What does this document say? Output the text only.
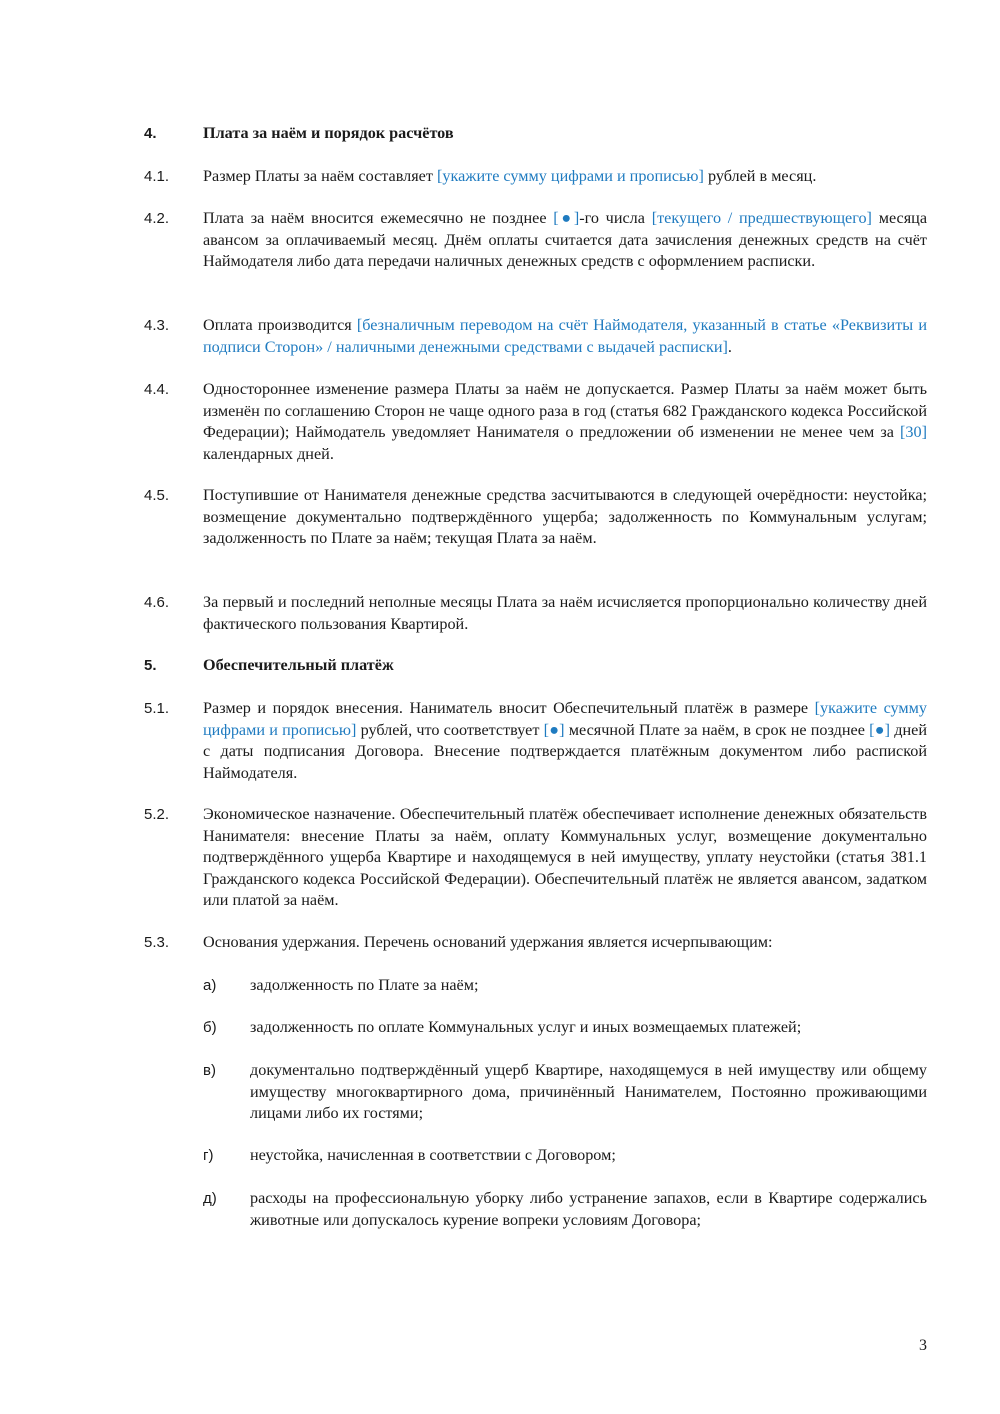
4.	Плата за наём и порядок расчётов
4.1. Размер Платы за наём составляет [укажите сумму цифрами и прописью] рублей в месяц.
4.2. Плата за наём вносится ежемесячно не позднее [●]-го числа [текущего / предшествующего] месяца авансом за оплачиваемый месяц. Днём оплаты считается дата зачисления денежных средств на счёт Наймодателя либо дата передачи наличных денежных средств с оформлением расписки.
4.3. Оплата производится [безналичным переводом на счёт Наймодателя, указанный в статье «Реквизиты и подписи Сторон» / наличными денежными средствами с выдачей расписки].
4.4. Одностороннее изменение размера Платы за наём не допускается. Размер Платы за наём может быть изменён по соглашению Сторон не чаще одного раза в год (статья 682 Гражданского кодекса Российской Федерации); Наймодатель уведомляет Нанимателя о предложении об изменении не менее чем за [30] календарных дней.
4.5. Поступившие от Нанимателя денежные средства засчитываются в следующей очерёдности: неустойка; возмещение документально подтверждённого ущерба; задолженность по Коммунальным услугам; задолженность по Плате за наём; текущая Плата за наём.
4.6. За первый и последний неполные месяцы Плата за наём исчисляется пропорционально количеству дней фактического пользования Квартирой.
5.	Обеспечительный платёж
5.1. Размер и порядок внесения. Наниматель вносит Обеспечительный платёж в размере [укажите сумму цифрами и прописью] рублей, что соответствует [●] месячной Плате за наём, в срок не позднее [●] дней с даты подписания Договора. Внесение подтверждается платёжным документом либо распиской Наймодателя.
5.2. Экономическое назначение. Обеспечительный платёж обеспечивает исполнение денежных обязательств Нанимателя: внесение Платы за наём, оплату Коммунальных услуг, возмещение документально подтверждённого ущерба Квартире и находящемуся в ней имуществу, уплату неустойки (статья 381.1 Гражданского кодекса Российской Федерации). Обеспечительный платёж не является авансом, задатком или платой за наём.
5.3. Основания удержания. Перечень оснований удержания является исчерпывающим:
а) задолженность по Плате за наём;
б) задолженность по оплате Коммунальных услуг и иных возмещаемых платежей;
в) документально подтверждённый ущерб Квартире, находящемуся в ней имуществу или общему имуществу многоквартирного дома, причинённый Нанимателем, Постоянно проживающими лицами либо их гостями;
г) неустойка, начисленная в соответствии с Договором;
д) расходы на профессиональную уборку либо устранение запахов, если в Квартире содержались животные или допускалось курение вопреки условиям Договора;
3
